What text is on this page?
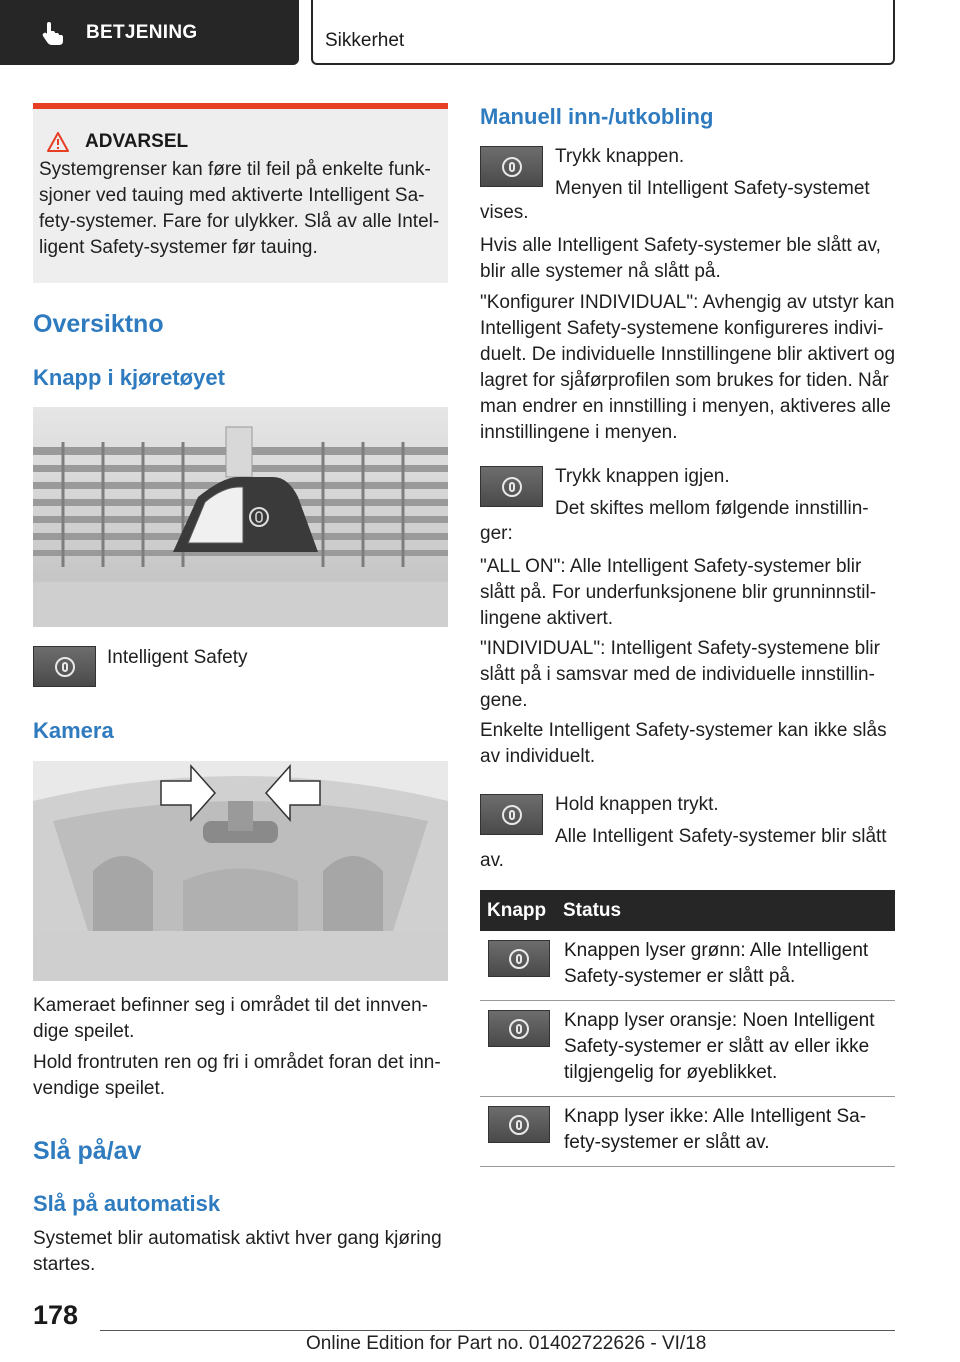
BETJENING	Sikkerhet
ADVARSEL
Systemgrenser kan føre til feil på enkelte funk-
sjoner ved tauing med aktiverte Intelligent Sa-
fety-systemer. Fare for ulykker. Slå av alle Intel-
ligent Safety-systemer før tauing.
Oversiktno
Knapp i kjøretøyet
Intelligent Safety
Kamera
Kameraet befinner seg i området til det innven-
dige speilet.
Hold frontruten ren og fri i området foran det inn-
vendige speilet.
Slå på/av
Slå på automatisk
Systemet blir automatisk aktivt hver gang kjøring
startes.
Manuell inn-/utkobling
Trykk knappen.
Menyen til Intelligent Safety-systemet
vises.
Hvis alle Intelligent Safety-systemer ble slått av,
blir alle systemer nå slått på.
"Konfigurer INDIVIDUAL": Avhengig av utstyr kan
Intelligent Safety-systemene konfigureres indivi-
duelt. De individuelle Innstillingene blir aktivert og
lagret for sjåførprofilen som brukes for tiden. Når
man endrer en innstilling i menyen, aktiveres alle
innstillingene i menyen.
Trykk knappen igjen.
Det skiftes mellom følgende innstillin-
ger:
"ALL ON": Alle Intelligent Safety-systemer blir
slått på. For underfunksjonene blir grunninnstil-
lingene aktivert.
"INDIVIDUAL": Intelligent Safety-systemene blir
slått på i samsvar med de individuelle innstillin-
gene.
Enkelte Intelligent Safety-systemer kan ikke slås
av individuelt.
Hold knappen trykt.
Alle Intelligent Safety-systemer blir slått
av.
Knapp Status
Knappen lyser grønn: Alle Intelligent
Safety-systemer er slått på.
Knapp lyser oransje: Noen Intelligent
Safety-systemer er slått av eller ikke
tilgjengelig for øyeblikket.
Knapp lyser ikke: Alle Intelligent Sa-
fety-systemer er slått av.
178
Online Edition for Part no. 01402722626 - VI/18
